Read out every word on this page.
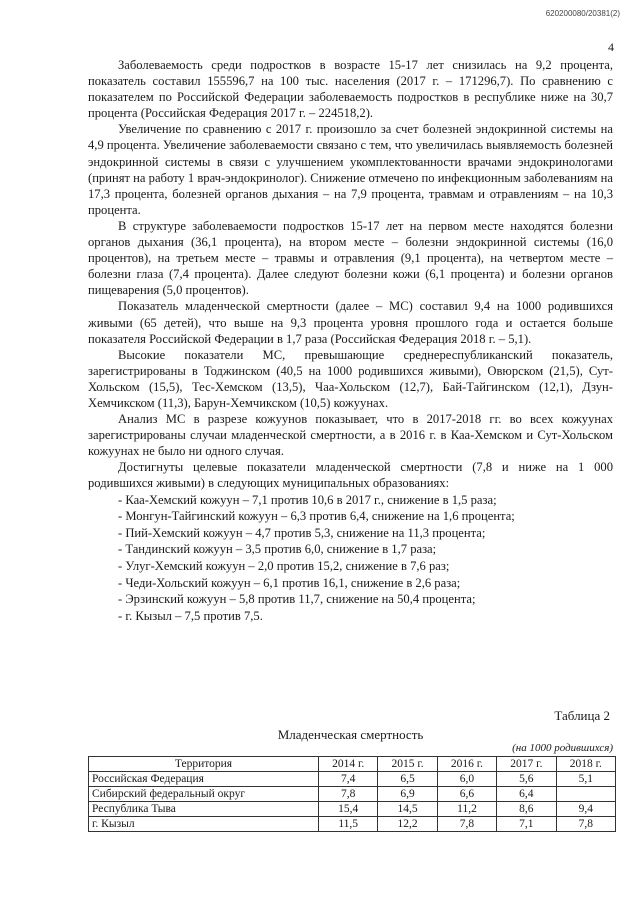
620200080/20381(2)
4

Заболеваемость среди подростков в возрасте 15-17 лет снизилась на 9,2 процента, показатель составил 155596,7 на 100 тыс. населения (2017 г. – 171296,7). По сравнению с показателем по Российской Федерации заболеваемость подростков в республике ниже на 30,7 процента (Российская Федерация 2017 г. – 224518,2).

Увеличение по сравнению с 2017 г. произошло за счет болезней эндокринной системы на 4,9 процента. Увеличение заболеваемости связано с тем, что увеличилась выявляемость болезней эндокринной системы в связи с улучшением укомплектованности врачами эндокринологами (принят на работу 1 врач-эндокринолог). Снижение отмечено по инфекционным заболеваниям на 17,3 процента, болезней органов дыхания – на 7,9 процента, травмам и отравлениям – на 10,3 процента.

В структуре заболеваемости подростков 15-17 лет на первом месте находятся болезни органов дыхания (36,1 процента), на втором месте – болезни эндокринной системы (16,0 процентов), на третьем месте – травмы и отравления (9,1 процента), на четвертом месте – болезни глаза (7,4 процента). Далее следуют болезни кожи (6,1 процента) и болезни органов пищеварения (5,0 процентов).

Показатель младенческой смертности (далее – МС) составил 9,4 на 1000 родившихся живыми (65 детей), что выше на 9,3 процента уровня прошлого года и остается больше показателя Российской Федерации в 1,7 раза (Российская Федерация 2018 г. – 5,1).

Высокие показатели МС, превышающие среднереспубликанский показатель, зарегистрированы в Тоджинском (40,5 на 1000 родившихся живыми), Овюрском (21,5), Сут-Хольском (15,5), Тес-Хемском (13,5), Чаа-Хольском (12,7), Бай-Тайгинском (12,1), Дзун-Хемчикском (11,3), Барун-Хемчикском (10,5) кожуунах.

Анализ МС в разрезе кожуунов показывает, что в 2017-2018 гг. во всех кожуунах зарегистрированы случаи младенческой смертности, а в 2016 г. в Каа-Хемском и Сут-Хольском кожуунах не было ни одного случая.

Достигнуты целевые показатели младенческой смертности (7,8 и ниже на 1 000 родившихся живыми) в следующих муниципальных образованиях:

- Каа-Хемский кожуун – 7,1 против 10,6 в 2017 г., снижение в 1,5 раза;
- Монгун-Тайгинский кожуун – 6,3 против 6,4, снижение на 1,6 процента;
- Пий-Хемский кожуун – 4,7 против 5,3, снижение на 11,3 процента;
- Тандинский кожуун – 3,5 против 6,0, снижение в 1,7 раза;
- Улуг-Хемский кожуун – 2,0 против 15,2, снижение в 7,6 раз;
- Чеди-Хольский кожуун – 6,1 против 16,1, снижение в 2,6 раза;
- Эрзинский кожуун – 5,8 против 11,7, снижение на 50,4 процента;
- г. Кызыл – 7,5 против 7,5.
Таблица 2
Младенческая смертность
(на 1000 родившихся)
Территория	2014 г.	2015 г.	2016 г.	2017 г.	2018 г.
Российская Федерация	7,4	6,5	6,0	5,6	5,1
Сибирский федеральный округ	7,8	6,9	6,6	6,4	
Республика Тыва	15,4	14,5	11,2	8,6	9,4
г. Кызыл	11,5	12,2	7,8	7,1	7,8
